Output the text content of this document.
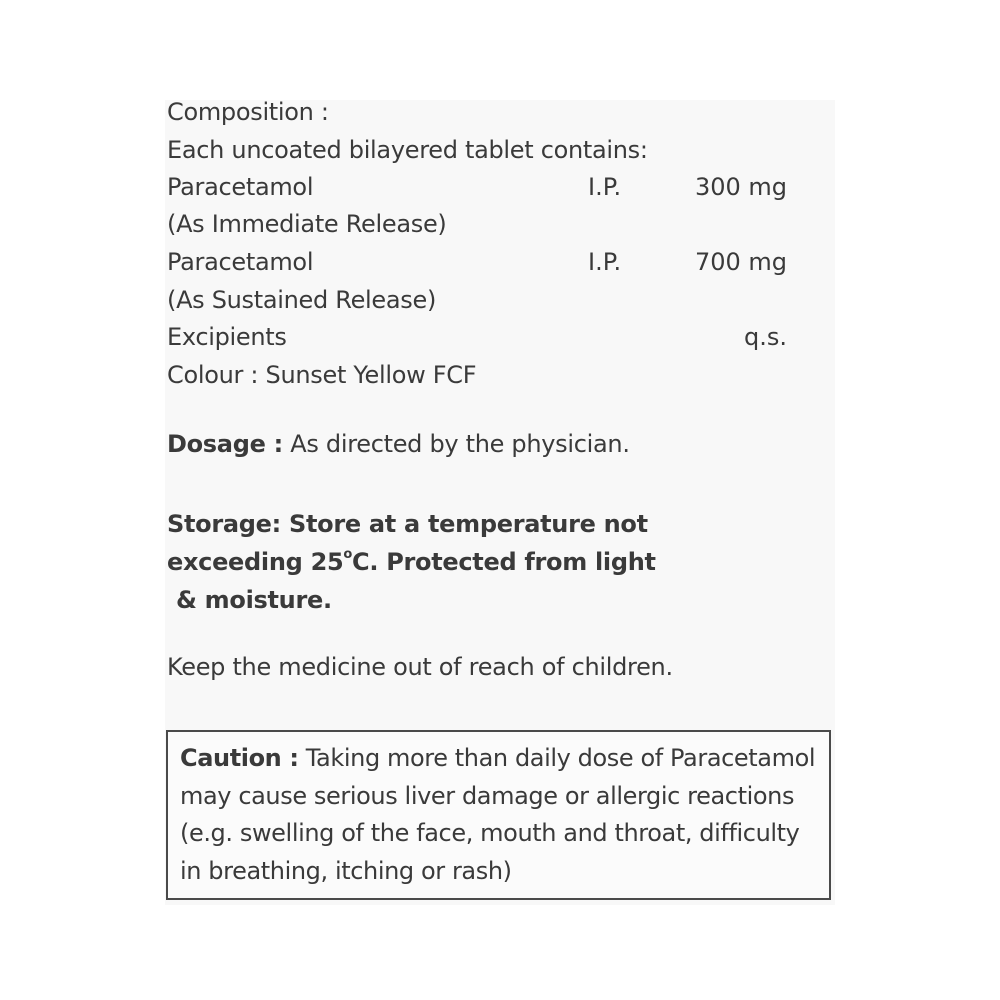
Composition :
Each uncoated bilayered tablet contains:
Paracetamol	I.P.	300 mg
(As Immediate Release)
Paracetamol	I.P.	700 mg
(As Sustained Release)
Excipients	q.s.
Colour : Sunset Yellow FCF
Dosage : As directed by the physician.
Storage: Store at a temperature not
exceeding 25$^o$C. Protected from light
& moisture.
Keep the medicine out of reach of children.
Caution : Taking more than daily dose of Paracetamol may cause serious liver damage or allergic reactions (e.g. swelling of the face, mouth and throat, difficulty in breathing, itching or rash)
